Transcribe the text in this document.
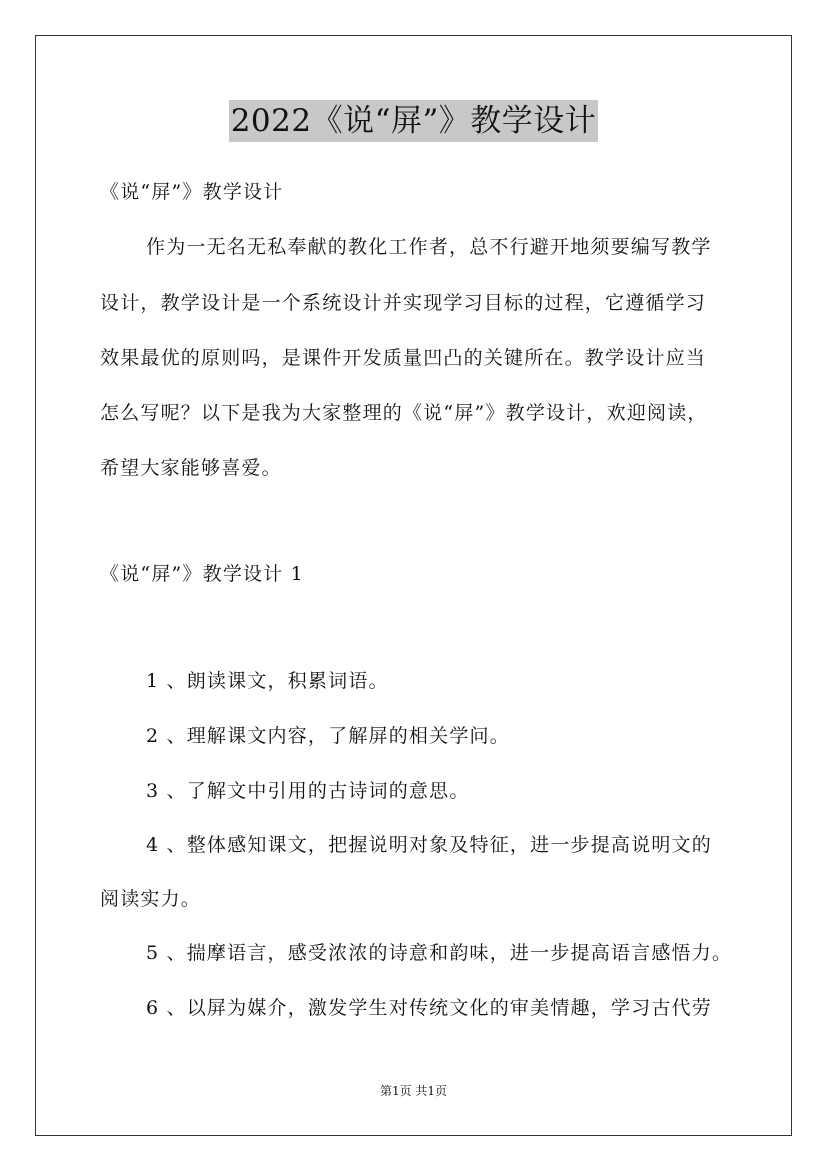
2022《说“屏”》教学设计
《说“屏”》教学设计
作为一无名无私奉献的教化工作者，总不行避开地须要编写教学
设计，教学设计是一个系统设计并实现学习目标的过程，它遵循学习
效果最优的原则吗，是课件开发质量凹凸的关键所在。教学设计应当
怎么写呢？以下是我为大家整理的《说“屏”》教学设计，欢迎阅读，
希望大家能够喜爱。
《说“屏”》教学设计 1
1 、朗读课文，积累词语。
2 、理解课文内容，了解屏的相关学问。
3 、了解文中引用的古诗词的意思。
4 、整体感知课文，把握说明对象及特征，进一步提高说明文的
阅读实力。
5 、揣摩语言，感受浓浓的诗意和韵味，进一步提高语言感悟力。
6 、以屏为媒介，激发学生对传统文化的审美情趣，学习古代劳
第1页 共1页
